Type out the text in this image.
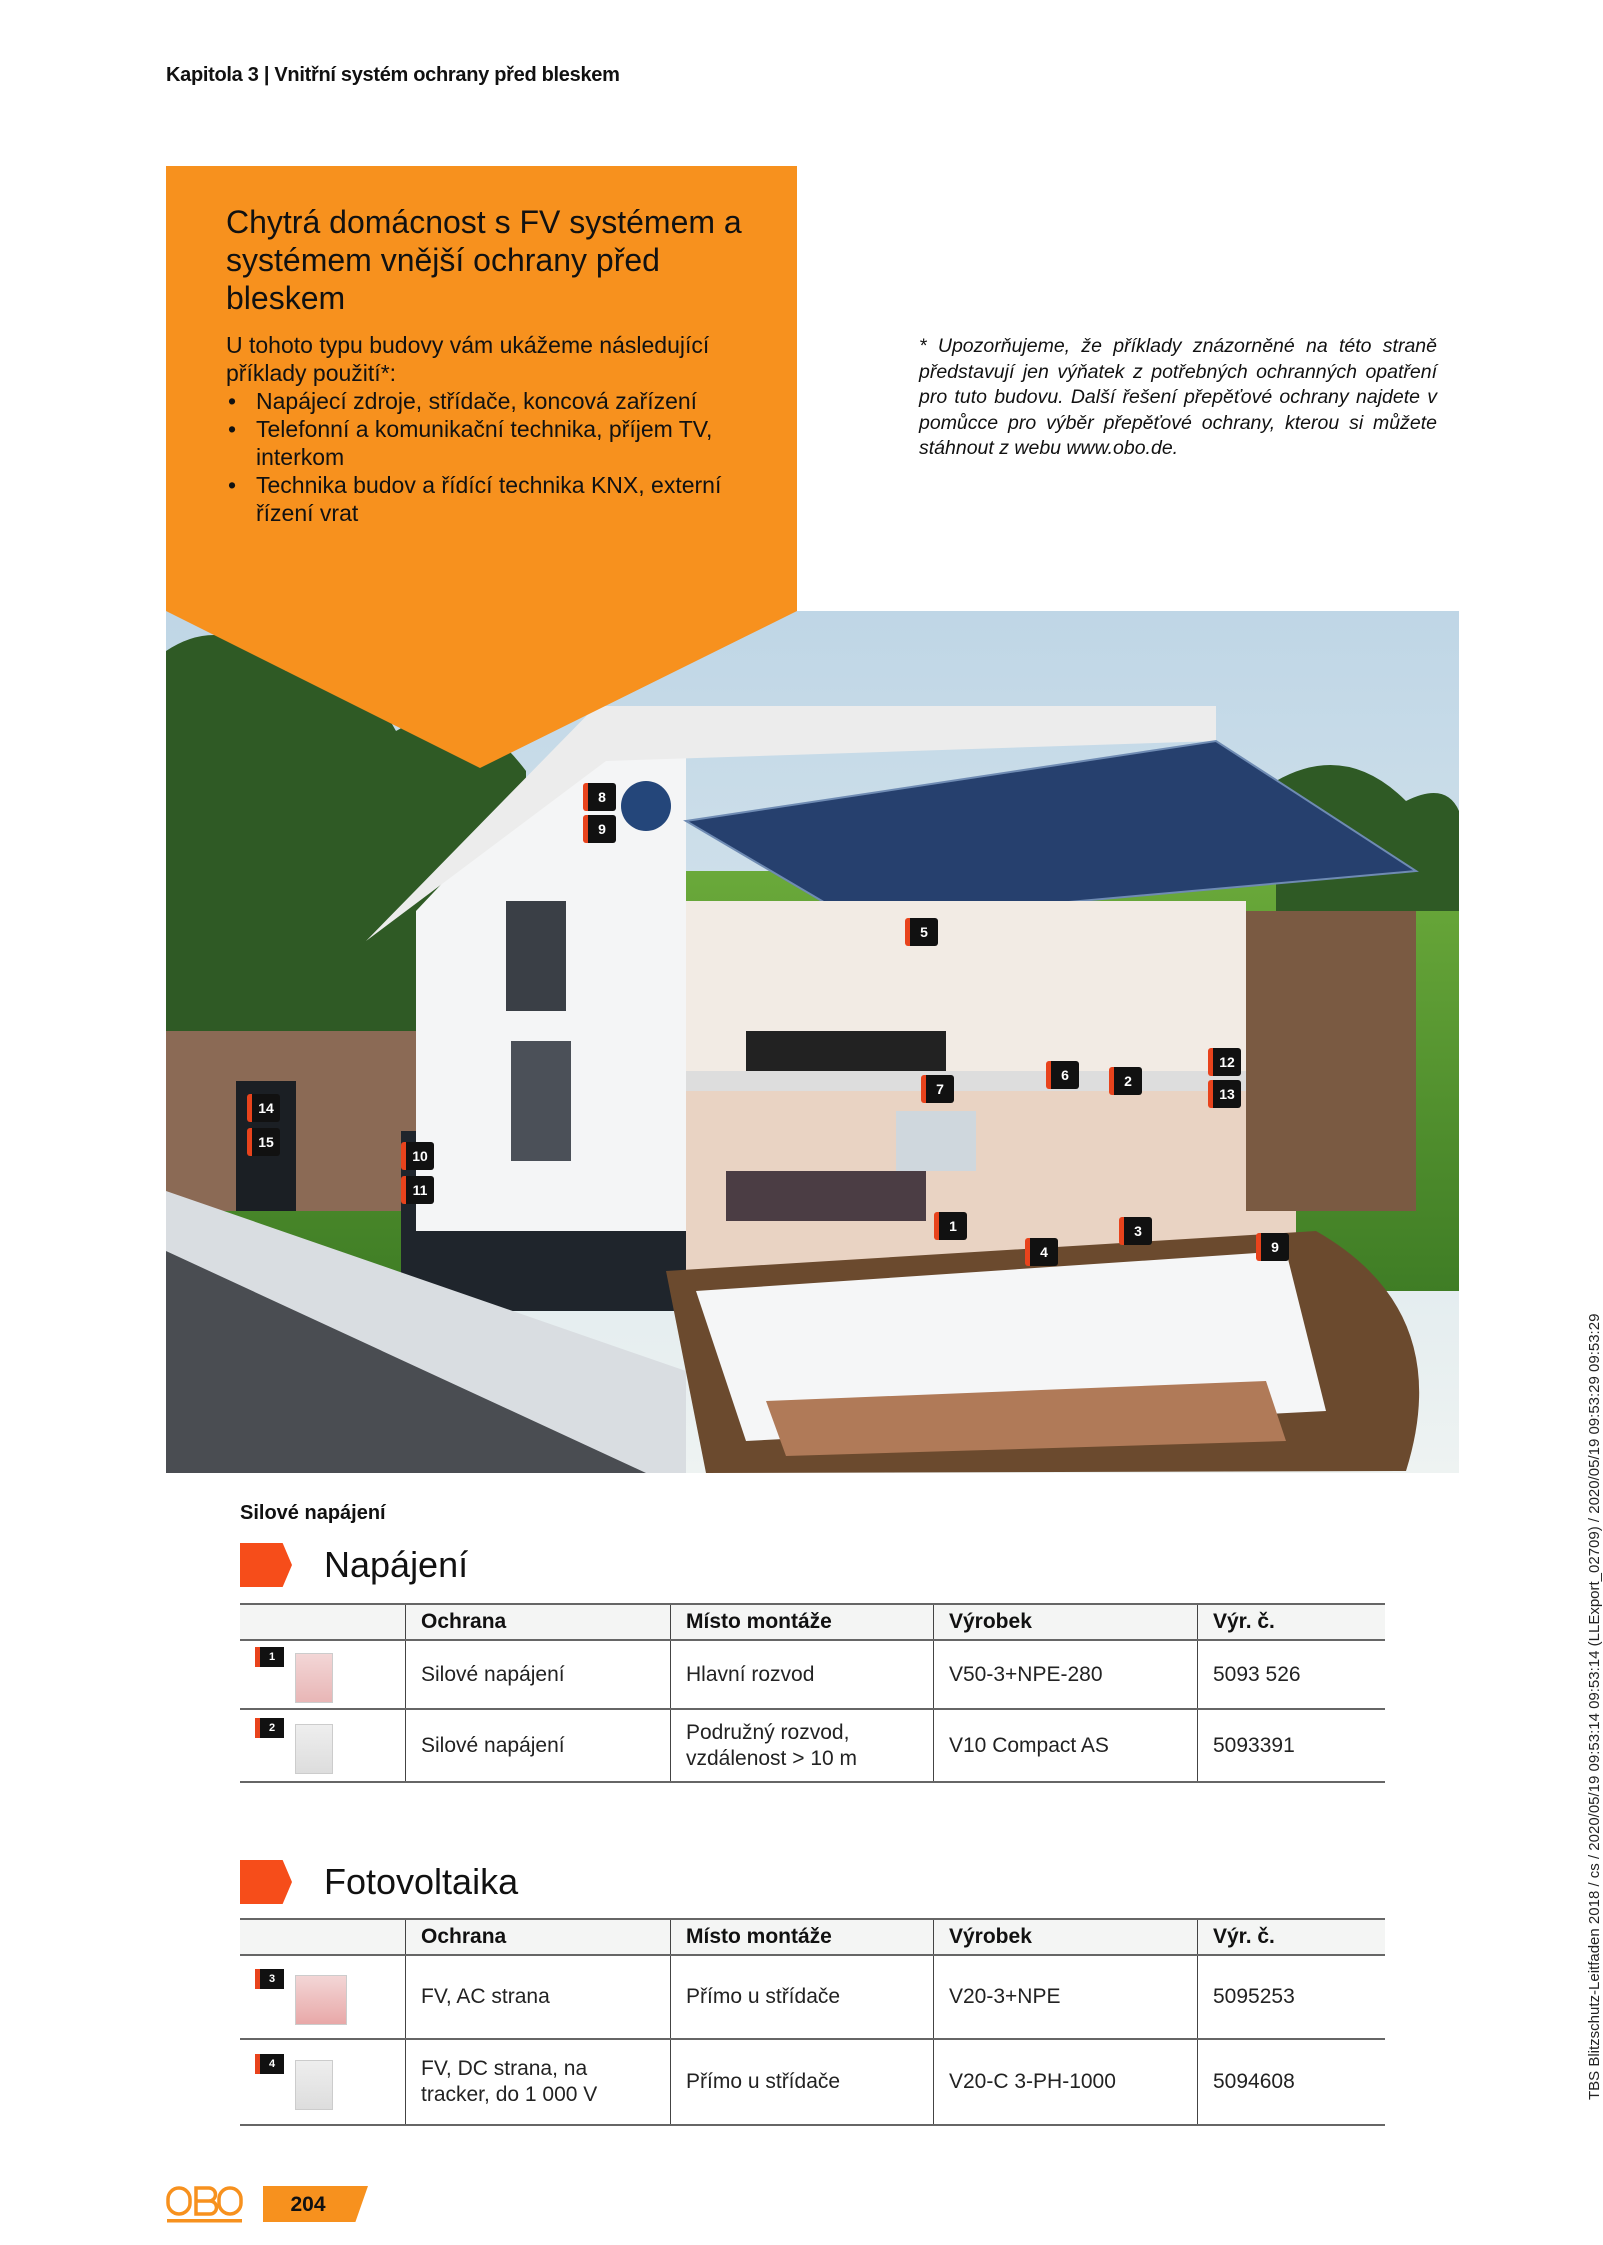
Kapitola 3 | Vnitřní systém ochrany před bleskem
8
9
5
6	2
12
13
7
14
15
10
11
1
4
3
9
Chytrá domácnost s FV systémem a systémem vnější ochrany před bleskem
U tohoto typu budovy vám ukážeme následující příklady použití*:
• Napájecí zdroje, střídače, koncová zařízení
• Telefonní a komunikační technika, příjem TV, interkom
• Technika budov a řídící technika KNX, externí řízení vrat
* Upozorňujeme, že příklady znázorněné na této straně představují jen výňatek z potřebných ochranných opatření pro tuto budovu. Další řešení přepěťové ochrany najdete v pomůcce pro výběr přepěťové ochrany, kterou si můžete stáhnout z webu www.obo.de.
Silové napájení
Napájení
	Ochrana	Místo montáže	Výrobek	Výr. č.

1	Silové napájení	Hlavní rozvod	V50-3+NPE-280	5093 526

2	Silové napájení	Podružný rozvod, vzdálenost > 10 m	V10 Compact AS	5093391
Fotovoltaika
	Ochrana	Místo montáže	Výrobek	Výr. č.

3	FV, AC strana	Přímo u střídače	V20-3+NPE	5095253

4	FV, DC strana, na tracker, do 1 000 V	Přímo u střídače	V20-C 3-PH-1000	5094608
204
TBS Blitzschutz-Leitfaden 2018 / cs / 2020/05/19 09:53:14 09:53:14 (LLExport_02709) / 2020/05/19 09:53:29 09:53:29
